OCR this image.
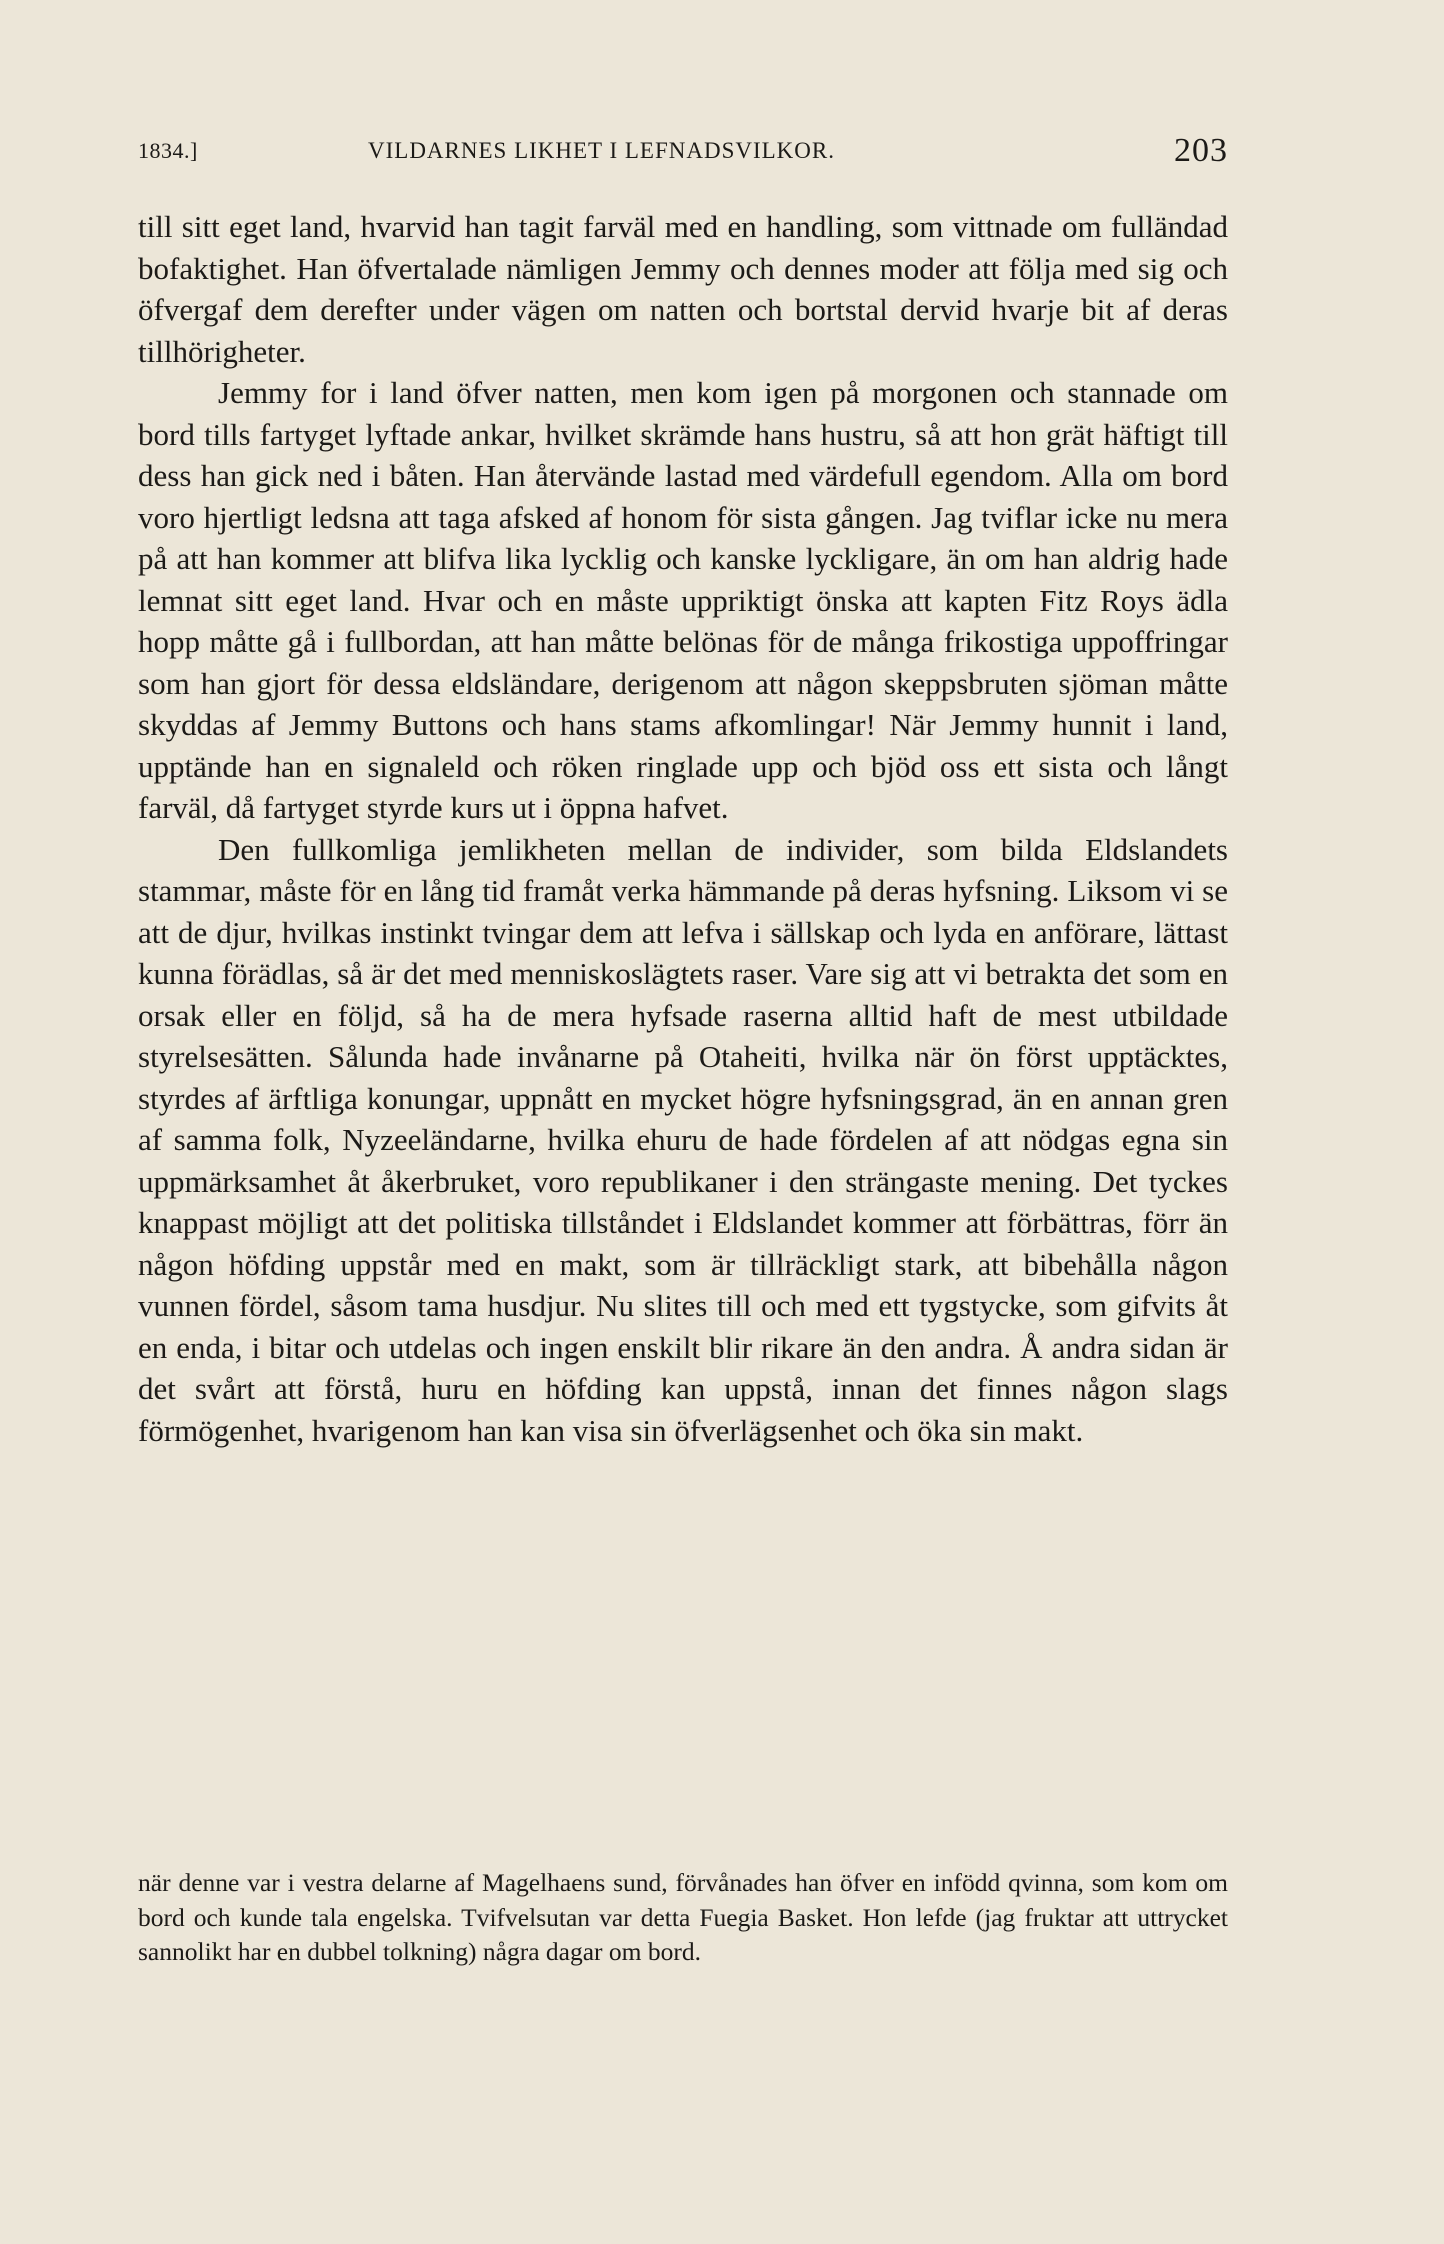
1834.]	VILDARNES LIKHET I LEFNADSVILKOR.	203

till sitt eget land, hvarvid han tagit farväl med en handling, som vittnade om fulländad bofaktighet. Han öfvertalade nämligen Jemmy och dennes moder att följa med sig och öfvergaf dem derefter under vägen om natten och bortstal dervid hvarje bit af deras tillhörigheter.

Jemmy for i land öfver natten, men kom igen på morgonen och stannade om bord tills fartyget lyftade ankar, hvilket skrämde hans hustru, så att hon grät häftigt till dess han gick ned i båten. Han återvände lastad med värdefull egendom. Alla om bord voro hjertligt ledsna att taga afsked af honom för sista gången. Jag tviflar icke nu mera på att han kommer att blifva lika lycklig och kanske lyckligare, än om han aldrig hade lemnat sitt eget land. Hvar och en måste uppriktigt önska att kapten Fitz Roys ädla hopp måtte gå i fullbordan, att han måtte belönas för de många frikostiga uppoffringar som han gjort för dessa eldsländare, derigenom att någon skeppsbruten sjöman måtte skyddas af Jemmy Buttons och hans stams afkomlingar! När Jemmy hunnit i land, upptände han en signaleld och röken ringlade upp och bjöd oss ett sista och långt farväl, då fartyget styrde kurs ut i öppna hafvet.

Den fullkomliga jemlikheten mellan de individer, som bilda Eldslandets stammar, måste för en lång tid framåt verka hämmande på deras hyfsning. Liksom vi se att de djur, hvilkas instinkt tvingar dem att lefva i sällskap och lyda en anförare, lättast kunna förädlas, så är det med menniskoslägtets raser. Vare sig att vi betrakta det som en orsak eller en följd, så ha de mera hyfsade raserna alltid haft de mest utbildade styrelsesätten. Sålunda hade invånarne på Otaheiti, hvilka när ön först upptäcktes, styrdes af ärftliga konungar, uppnått en mycket högre hyfsningsgrad, än en annan gren af samma folk, Nyzeeländarne, hvilka ehuru de hade fördelen af att nödgas egna sin uppmärksamhet åt åkerbruket, voro republikaner i den strängaste mening. Det tyckes knappast möjligt att det politiska tillståndet i Eldslandet kommer att förbättras, förr än någon höfding uppstår med en makt, som är tillräckligt stark, att bibehålla någon vunnen fördel, såsom tama husdjur. Nu slites till och med ett tygstycke, som gifvits åt en enda, i bitar och utdelas och ingen enskilt blir rikare än den andra. Å andra sidan är det svårt att förstå, huru en höfding kan uppstå, innan det finnes någon slags förmögenhet, hvarigenom han kan visa sin öfverlägsenhet och öka sin makt.

när denne var i vestra delarne af Magelhaens sund, förvånades han öfver en infödd qvinna, som kom om bord och kunde tala engelska. Tvifvelsutan var detta Fuegia Basket. Hon lefde (jag fruktar att uttrycket sannolikt har en dubbel tolkning) några dagar om bord.
